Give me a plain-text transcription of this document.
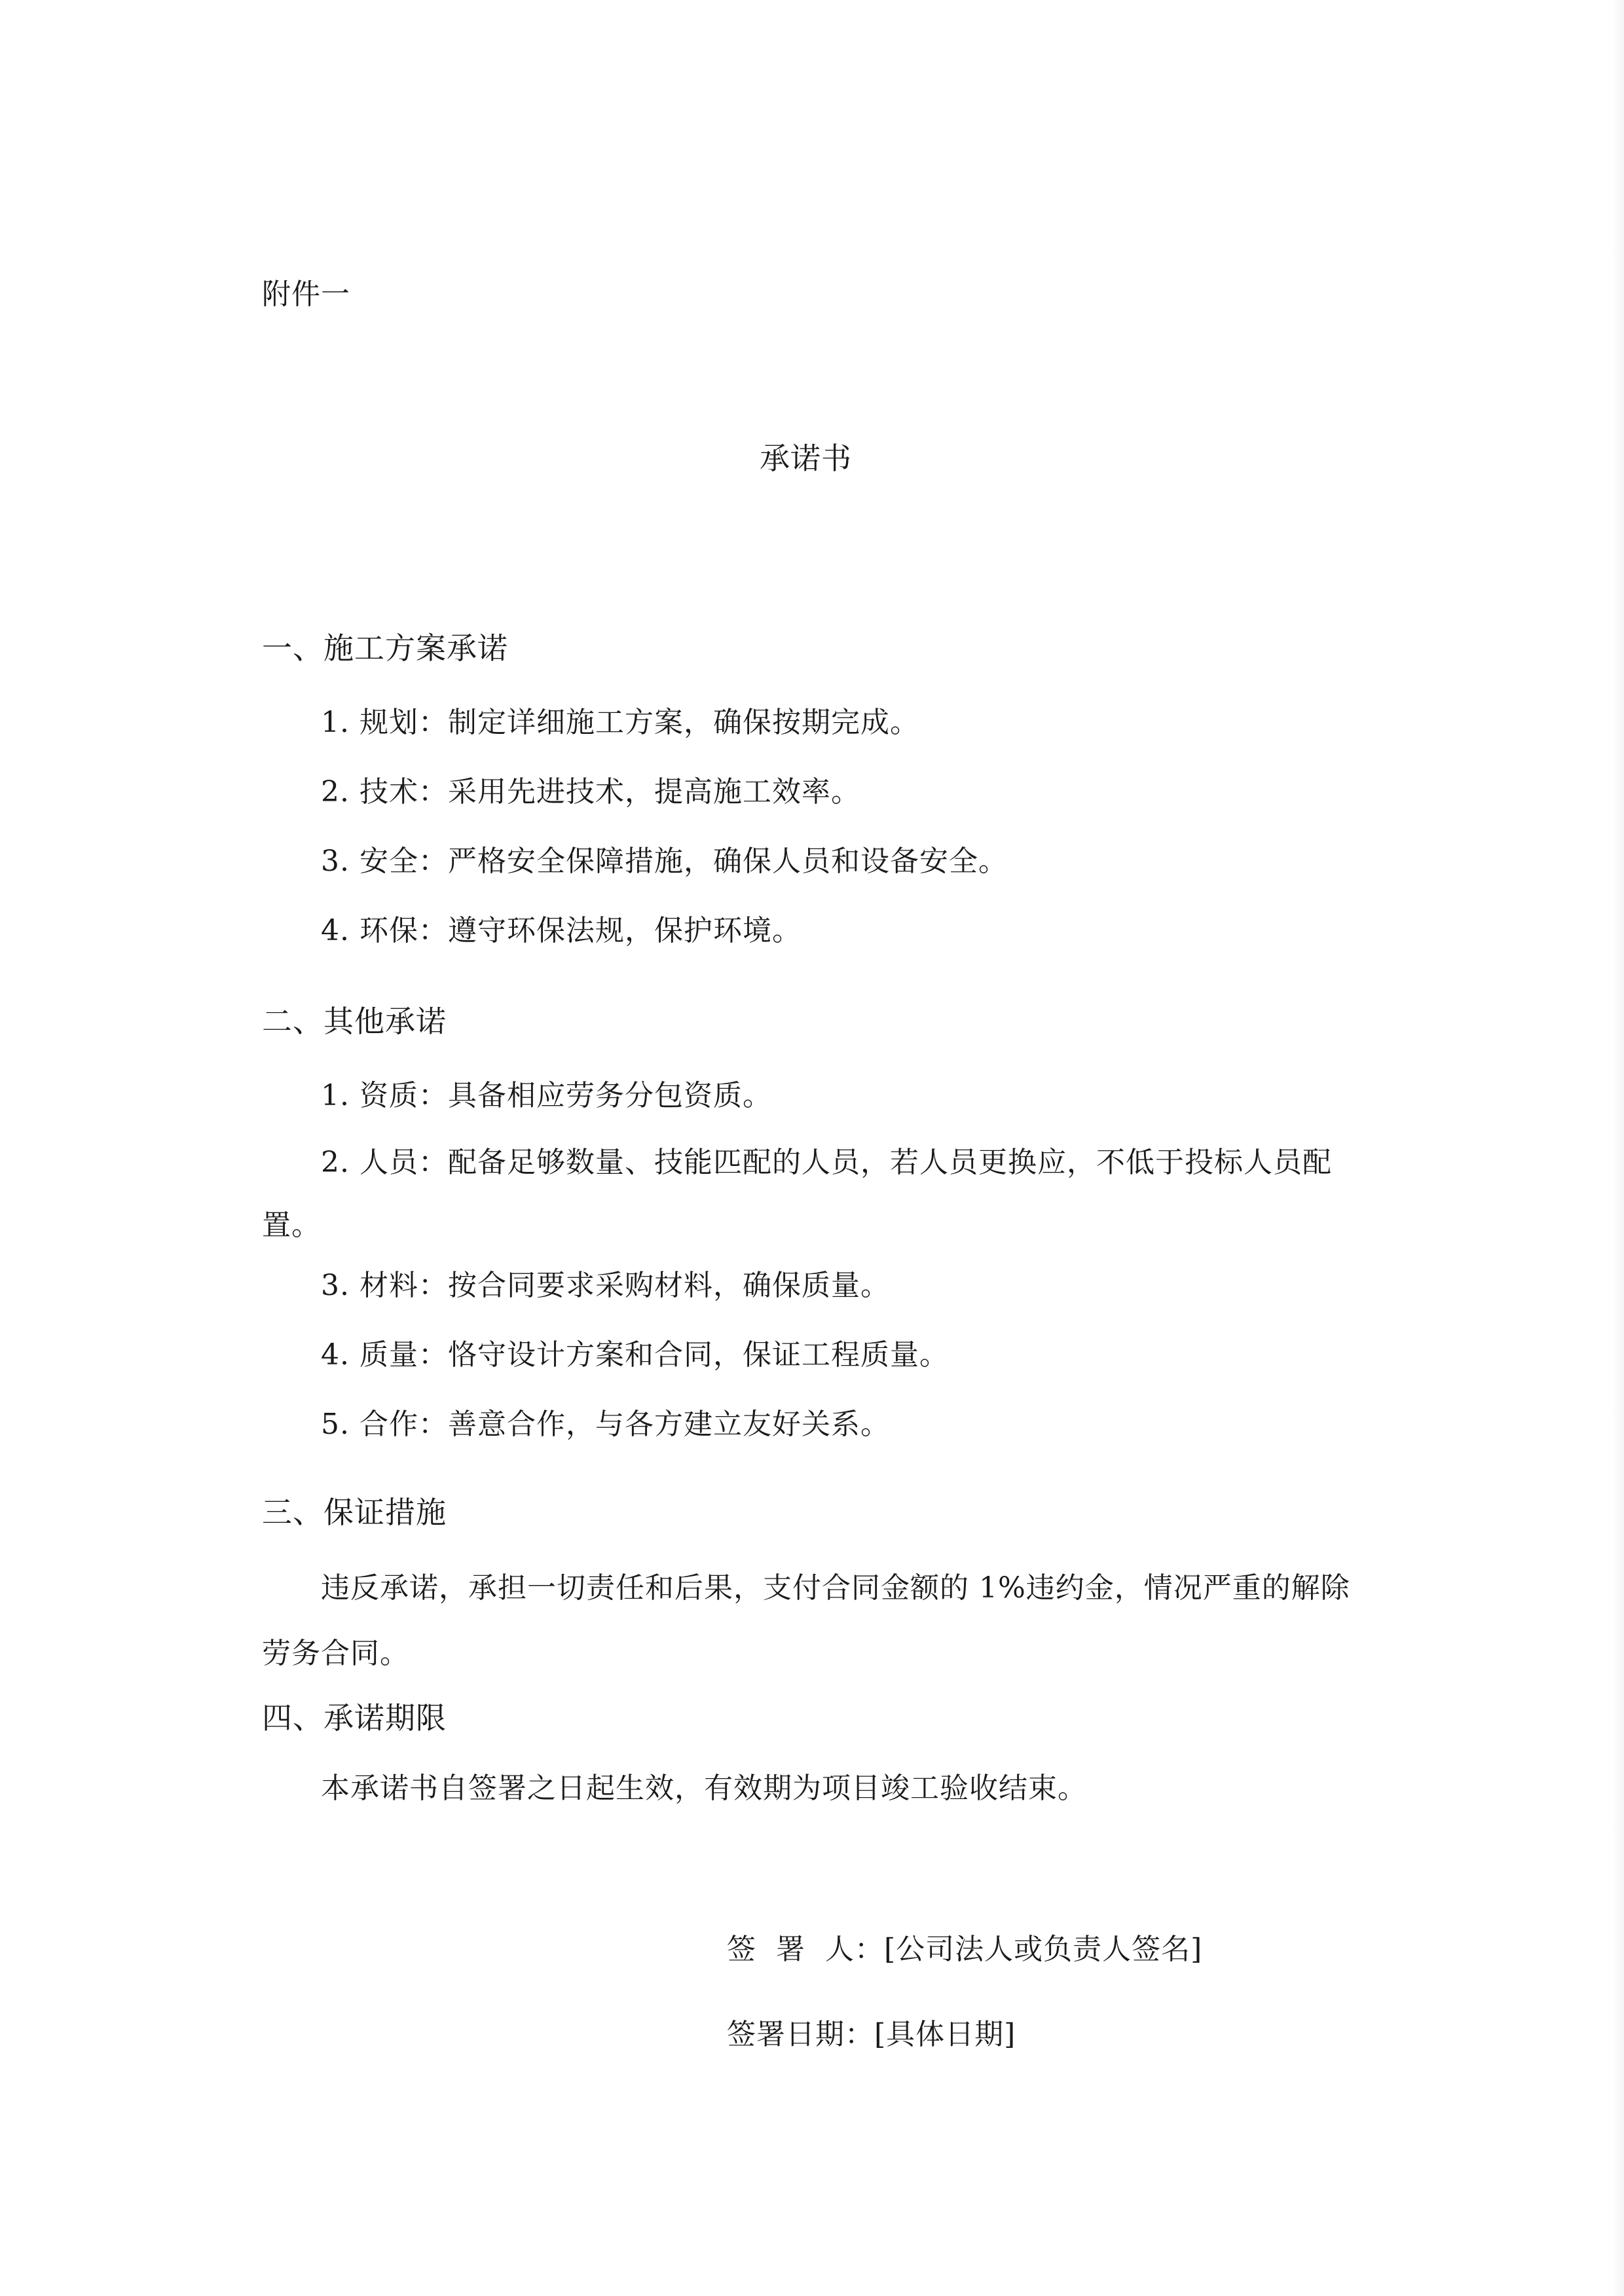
附件一
承诺书
一、施工方案承诺
1. 规划：制定详细施工方案，确保按期完成。
2. 技术：采用先进技术，提高施工效率。
3. 安全：严格安全保障措施，确保人员和设备安全。
4. 环保：遵守环保法规，保护环境。
二、其他承诺
1. 资质：具备相应劳务分包资质。
2. 人员：配备足够数量、技能匹配的人员，若人员更换应，不低于投标人员配置。
3. 材料：按合同要求采购材料，确保质量。
4. 质量：恪守设计方案和合同，保证工程质量。
5. 合作：善意合作，与各方建立友好关系。
三、保证措施
违反承诺，承担一切责任和后果，支付合同金额的 1%违约金，情况严重的解除劳务合同。
四、承诺期限
本承诺书自签署之日起生效，有效期为项目竣工验收结束。
签  署  人：[公司法人或负责人签名]
签署日期：[具体日期]
